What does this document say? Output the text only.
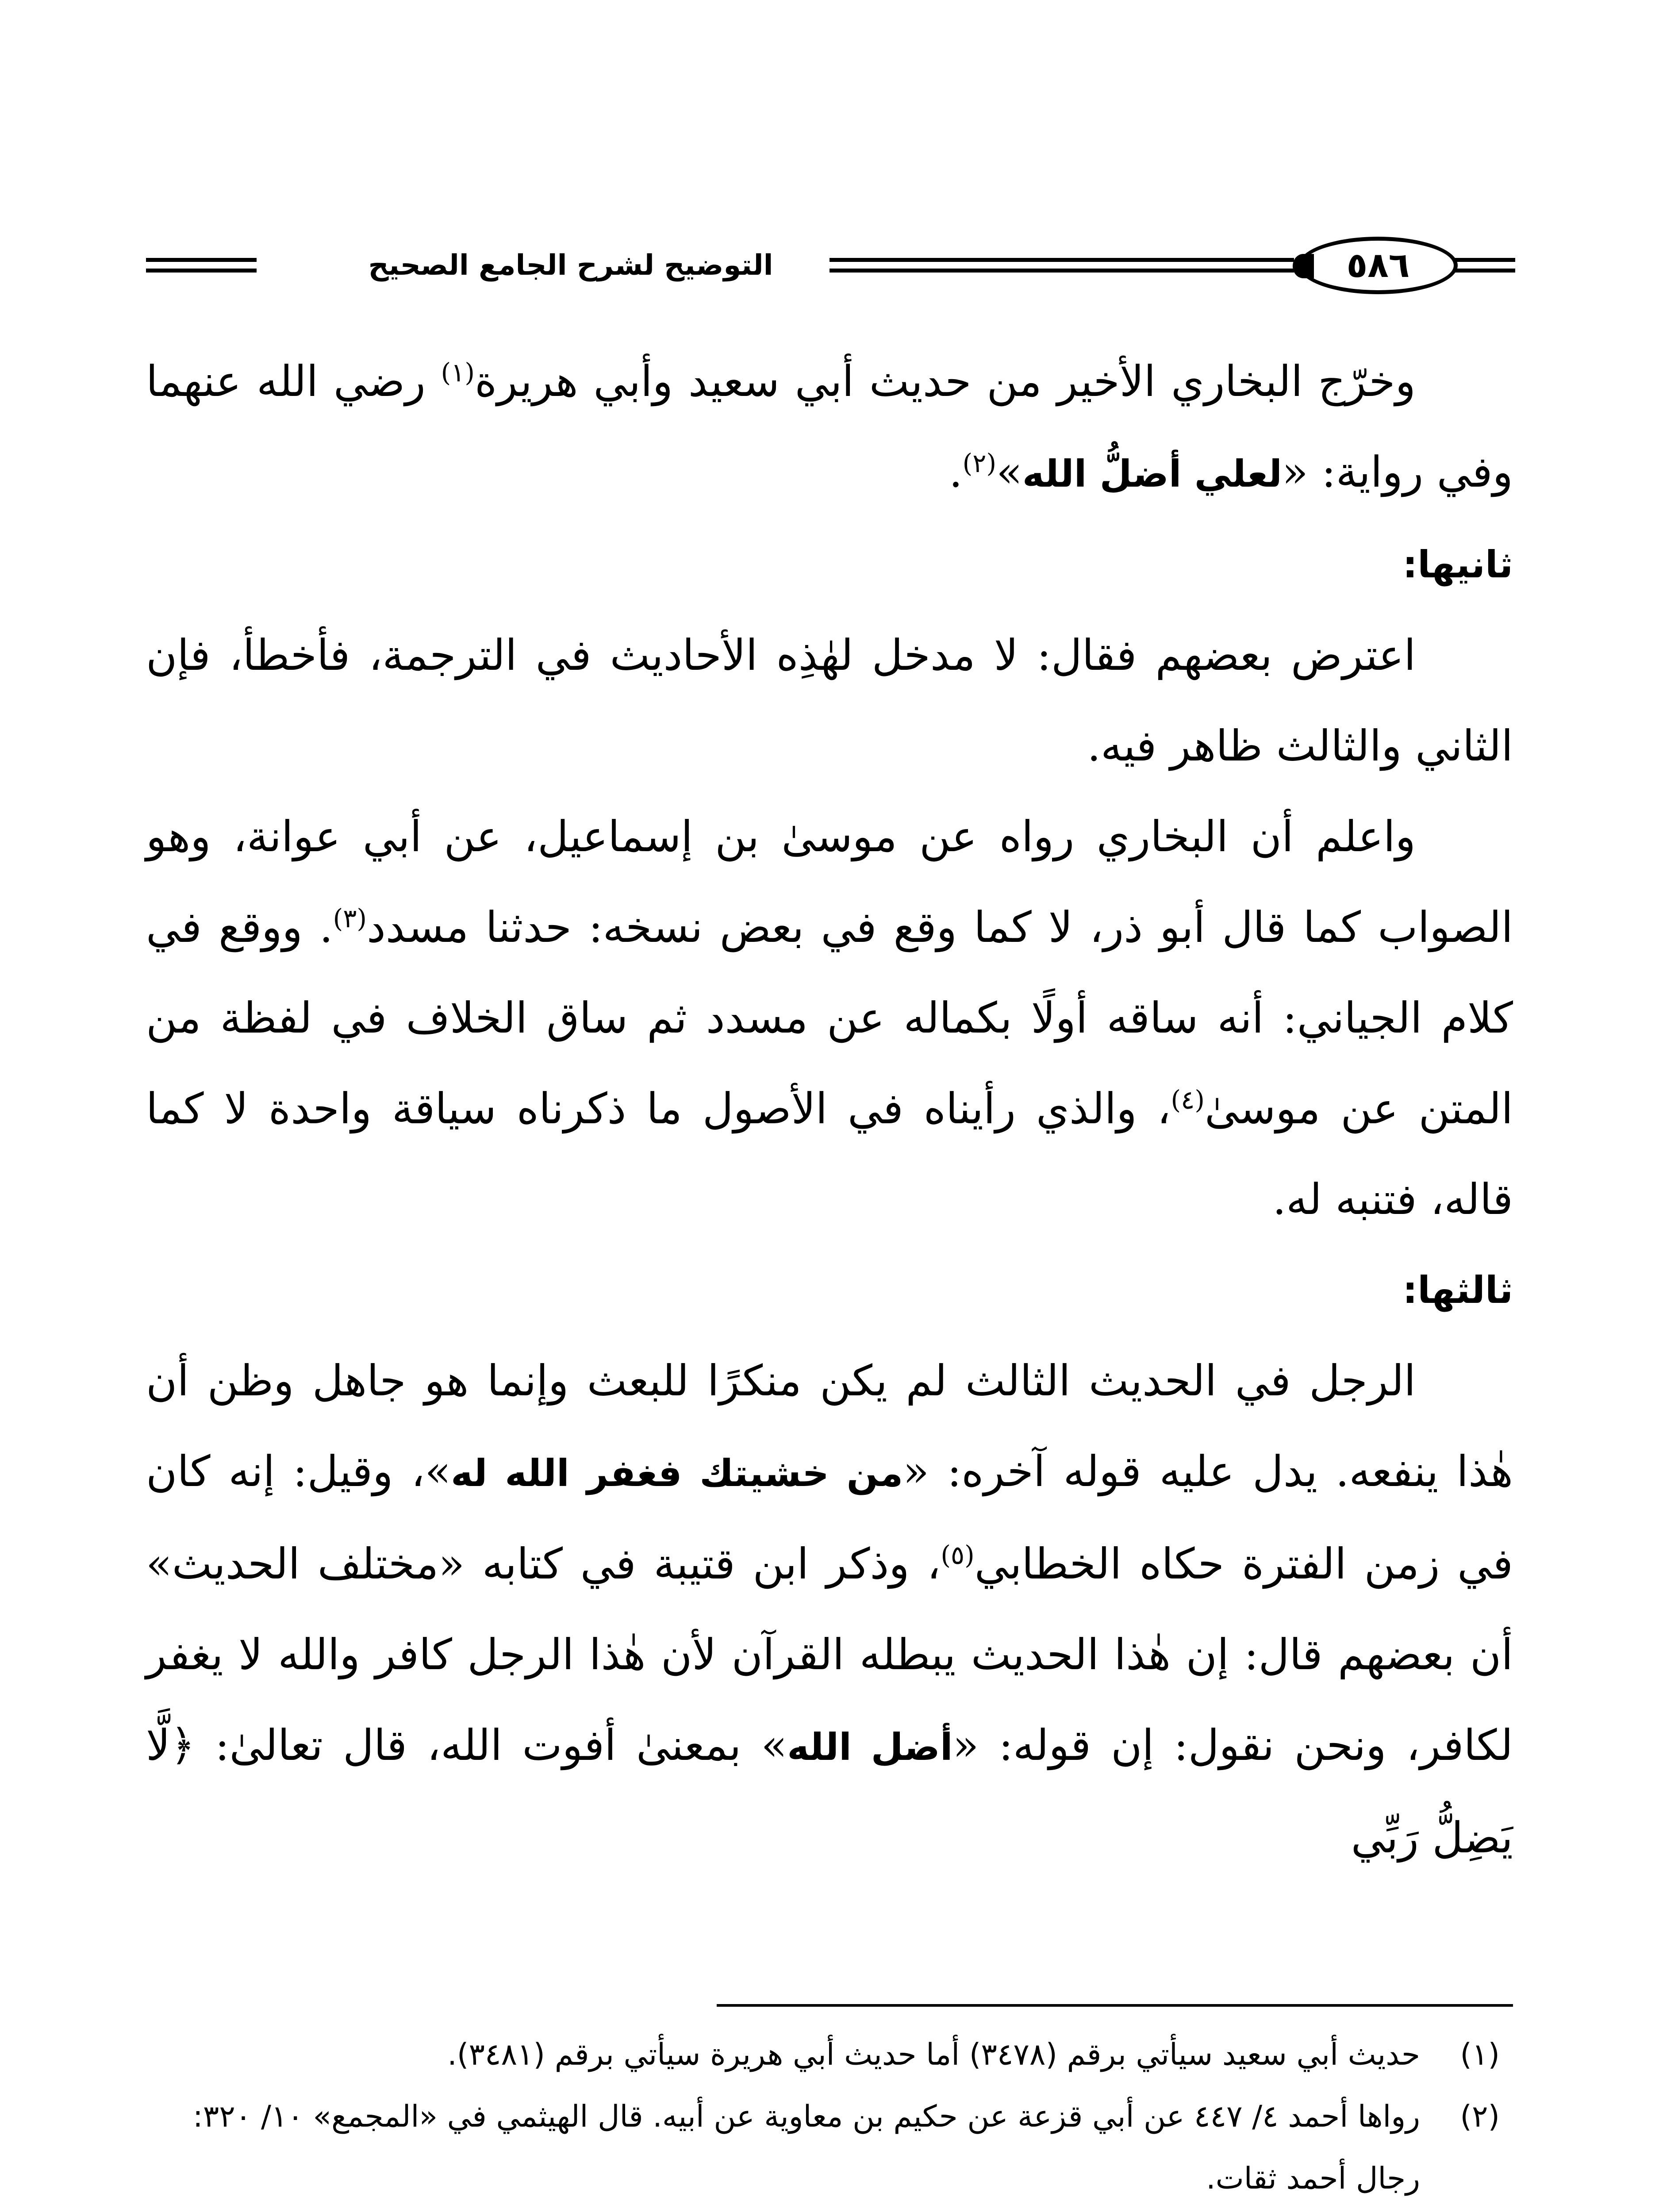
٥٨٦
التوضيح لشرح الجامع الصحيح

وخرّج البخاري الأخير من حديث أبي سعيد وأبي هريرة$^{(١)}$ رضي الله عنهما وفي رواية: «لعلي أضلُّ الله»$^{(٢)}$.

ثانيها:

اعترض بعضهم فقال: لا مدخل لهٰذِه الأحاديث في الترجمة، فأخطأ، فإن الثاني والثالث ظاهر فيه.

واعلم أن البخاري رواه عن موسىٰ بن إسماعيل، عن أبي عوانة، وهو الصواب كما قال أبو ذر، لا كما وقع في بعض نسخه: حدثنا مسدد$^{(٣)}$. ووقع في كلام الجياني: أنه ساقه أولًا بكماله عن مسدد ثم ساق الخلاف في لفظة من المتن عن موسىٰ$^{(٤)}$، والذي رأيناه في الأصول ما ذكرناه سياقة واحدة لا كما قاله، فتنبه له.

ثالثها:

الرجل في الحديث الثالث لم يكن منكرًا للبعث وإنما هو جاهل وظن أن هٰذا ينفعه. يدل عليه قوله آخره: «من خشيتك فغفر الله له»، وقيل: إنه كان في زمن الفترة حكاه الخطابي$^{(٥)}$، وذكر ابن قتيبة في كتابه «مختلف الحديث» أن بعضهم قال: إن هٰذا الحديث يبطله القرآن لأن هٰذا الرجل كافر والله لا يغفر لكافر، ونحن نقول: إن قوله: «أضل الله» بمعنىٰ أفوت الله، قال تعالىٰ: ﴿لَّا يَضِلُّ رَبِّي

(١)
حديث أبي سعيد سيأتي برقم (٣٤٧٨) أما حديث أبي هريرة سيأتي برقم (٣٤٨١).
(٢)
رواها أحمد ٤/ ٤٤٧ عن أبي قزعة عن حكيم بن معاوية عن أبيه. قال الهيثمي في «المجمع» ١٠/ ٣٢٠: رجال أحمد ثقات.
